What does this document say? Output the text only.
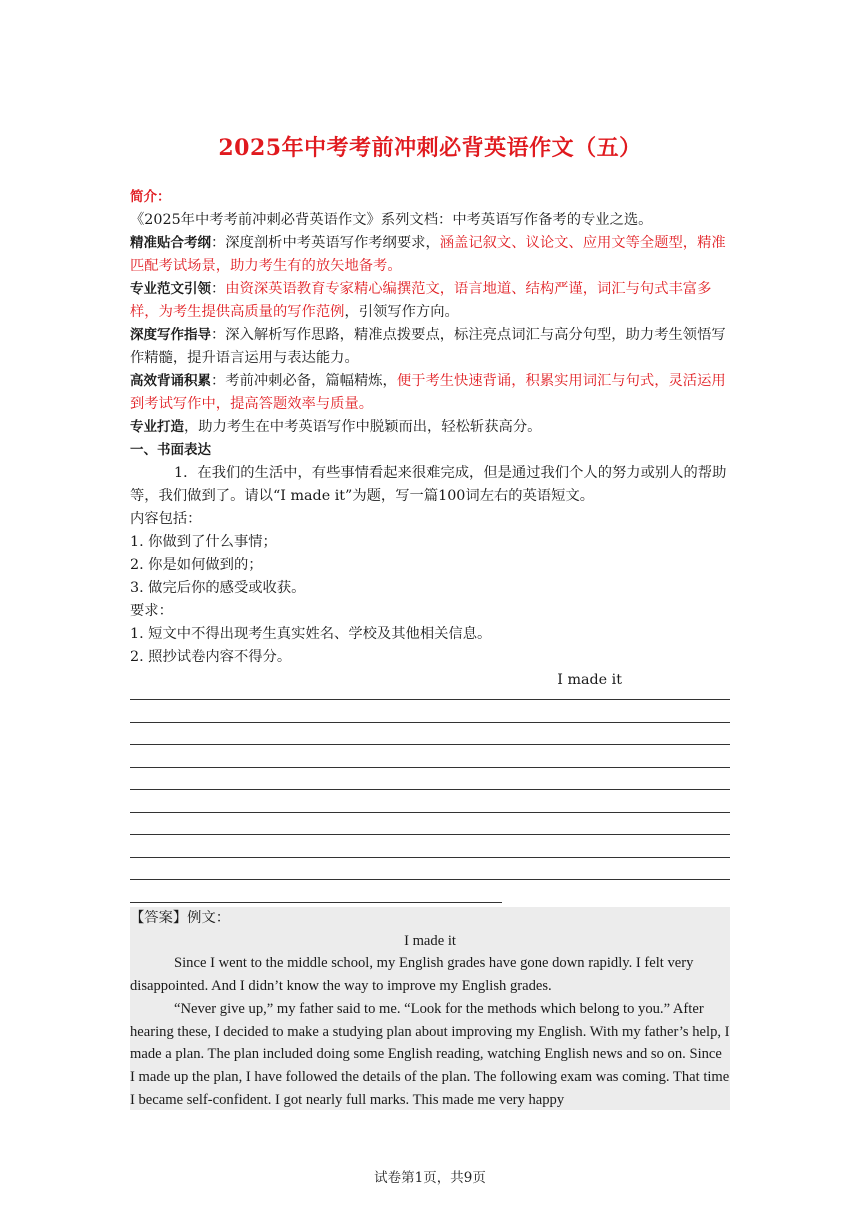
2025年中考考前冲刺必背英语作文（五）
简介：
《2025年中考考前冲刺必背英语作文》系列文档：中考英语写作备考的专业之选。
精准贴合考纲：深度剖析中考英语写作考纲要求，涵盖记叙文、议论文、应用文等全题型，精准匹配考试场景，助力考生有的放矢地备考。
专业范文引领：由资深英语教育专家精心编撰范文，语言地道、结构严谨，词汇与句式丰富多样，为考生提供高质量的写作范例，引领写作方向。
深度写作指导：深入解析写作思路，精准点拨要点，标注亮点词汇与高分句型，助力考生领悟写作精髓，提升语言运用与表达能力。
高效背诵积累：考前冲刺必备，篇幅精炼，便于考生快速背诵，积累实用词汇与句式，灵活运用到考试写作中，提高答题效率与质量。
专业打造，助力考生在中考英语写作中脱颖而出，轻松斩获高分。
一、书面表达
1．在我们的生活中，有些事情看起来很难完成，但是通过我们个人的努力或别人的帮助等，我们做到了。请以“I made it”为题，写一篇100词左右的英语短文。
内容包括：
1. 你做到了什么事情；
2. 你是如何做到的；
3. 做完后你的感受或收获。
要求：
1. 短文中不得出现考生真实姓名、学校及其他相关信息。
2. 照抄试卷内容不得分。
I made it

【答案】例文：

I made it

Since I went to the middle school, my English grades have gone down rapidly. I felt very disappointed. And I didn’t know the way to improve my English grades.

“Never give up,” my father said to me. “Look for the methods which belong to you.” After hearing these, I decided to make a studying plan about improving my English. With my father’s help, I made a plan. The plan included doing some English reading, watching English news and so on. Since I made up the plan, I have followed the details of the plan. The following exam was coming. That time I became self-confident. I got nearly full marks. This made me very happy

试卷第1页，共9页
